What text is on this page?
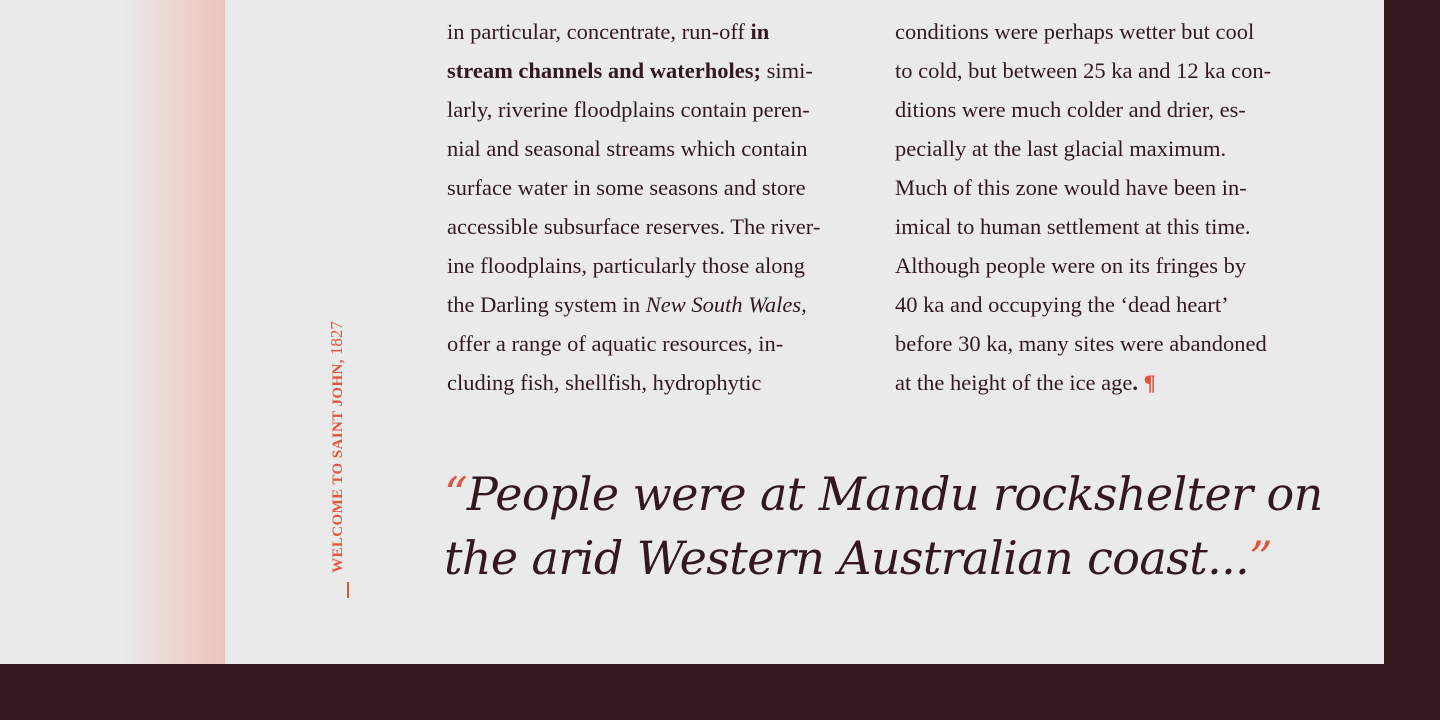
WELCOME TO SAINT JOHN, 1827
in particular, concentrate, run-off in
stream channels and waterholes; simi-
larly, riverine floodplains contain peren-
nial and seasonal streams which contain
surface water in some seasons and store
accessible subsurface reserves. The river-
ine floodplains, particularly those along
the Darling system in New South Wales,
offer a range of aquatic resources, in-
cluding fish, shellfish, hydrophytic
conditions were perhaps wetter but cool
to cold, but between 25 ka and 12 ka con-
ditions were much colder and drier, es-
pecially at the last glacial maximum.
Much of this zone would have been in-
imical to human settlement at this time.
Although people were on its fringes by
40 ka and occupying the ‘dead heart’
before 30 ka, many sites were abandoned
at the height of the ice age. ¶
“People were at Mandu rockshelter on
the arid Western Australian coast...”
